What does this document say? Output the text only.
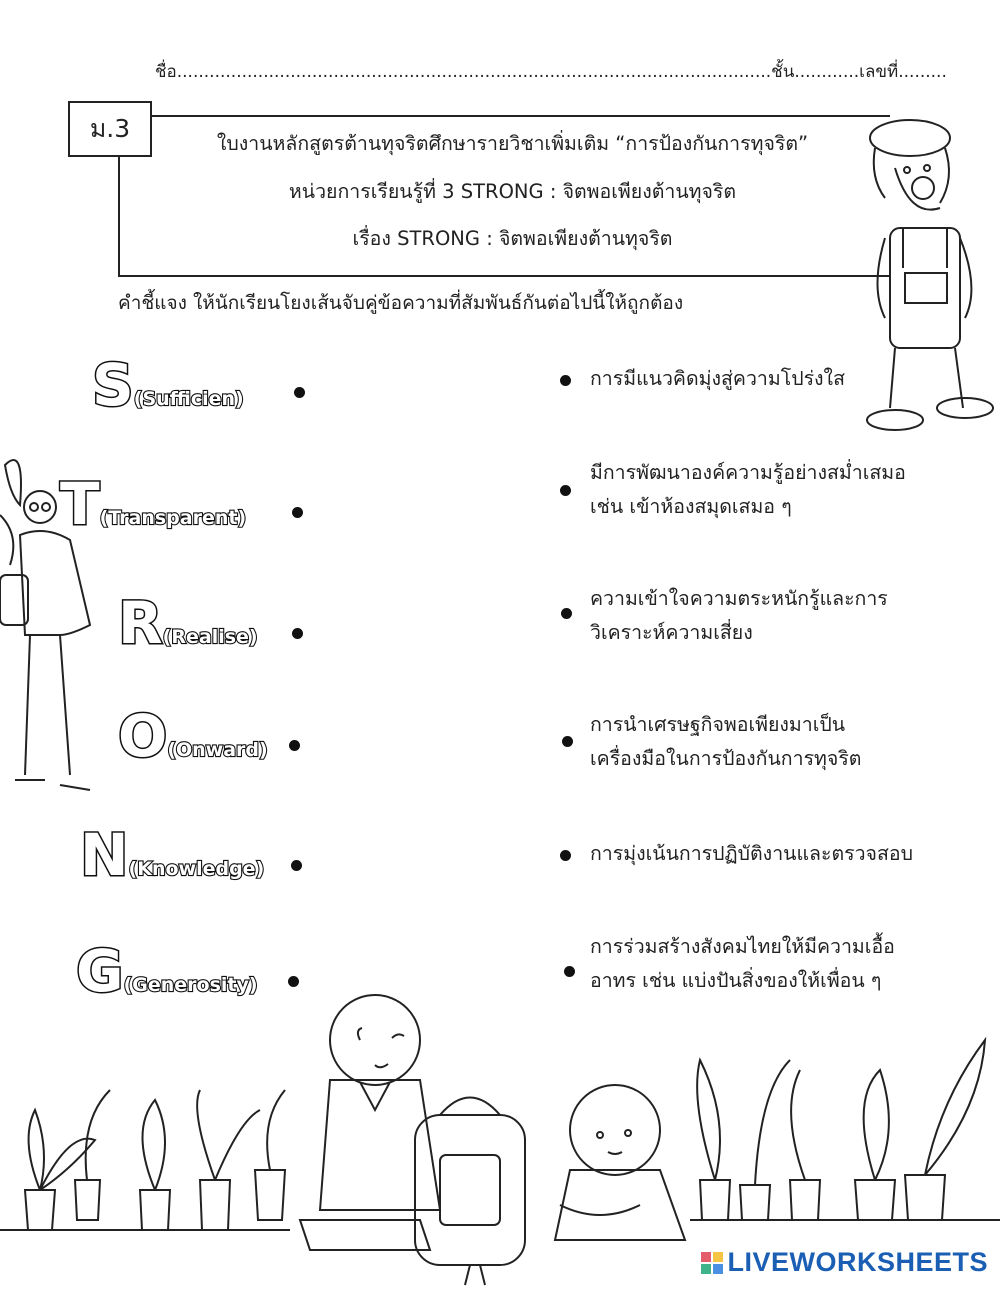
ชื่อ..............................................................................................................ชั้น............เลขที่.........
ม.3
ใบงานหลักสูตรต้านทุจริตศึกษารายวิชาเพิ่มเติม “การป้องกันการทุจริต”
หน่วยการเรียนรู้ที่ 3 STRONG : จิตพอเพียงต้านทุจริต
เรื่อง STRONG : จิตพอเพียงต้านทุจริต
คำชี้แจง ให้นักเรียนโยงเส้นจับคู่ข้อความที่สัมพันธ์กันต่อไปนี้ให้ถูกต้อง
S (Sufficien)
T (Transparent)
R (Realise)
O (Onward)
N (Knowledge)
G (Generosity)
การมีแนวคิดมุ่งสู่ความโปร่งใส
มีการพัฒนาองค์ความรู้อย่างสม่ำเสมอ
เช่น เข้าห้องสมุดเสมอ ๆ
ความเข้าใจความตระหนักรู้และการ
วิเคราะห์ความเสี่ยง
การนำเศรษฐกิจพอเพียงมาเป็น
เครื่องมือในการป้องกันการทุจริต
การมุ่งเน้นการปฏิบัติงานและตรวจสอบ
การร่วมสร้างสังคมไทยให้มีความเอื้อ
อาทร เช่น แบ่งปันสิ่งของให้เพื่อน ๆ
LIVEWORKSHEETS
